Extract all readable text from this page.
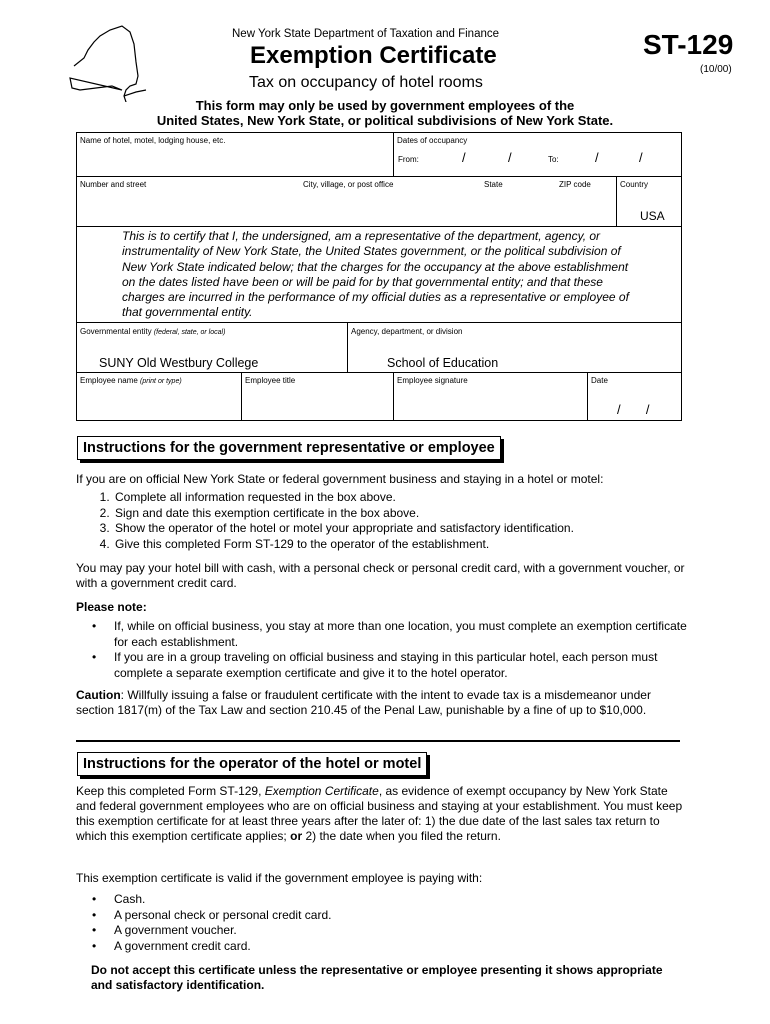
New York State Department of Taxation and Finance
Exemption Certificate
Tax on occupancy of hotel rooms
ST-129
(10/00)
This form may only be used by government employees of the
United States, New York State, or political subdivisions of New York State.
Name of hotel, motel, lodging house, etc.	Dates of occupancy
From:	/	/	To:	/	/
Number and street	City, village, or post office	State	ZIP code	Country
USA
This is to certify that I, the undersigned, am a representative of the department, agency, or instrumentality of New York State, the United States government, or the political subdivision of New York State indicated below; that the charges for the occupancy at the above establishment on the dates listed have been or will be paid for by that governmental entity; and that these charges are incurred in the performance of my official duties as a representative or employee of that governmental entity.
Governmental entity (federal, state, or local)
SUNY Old Westbury College
Agency, department, or division
School of Education
Employee name (print or type)	Employee title	Employee signature	Date
/       /
Instructions for the government representative or employee
If you are on official New York State or federal government business and staying in a hotel or motel:
1. Complete all information requested in the box above.
2. Sign and date this exemption certificate in the box above.
3. Show the operator of the hotel or motel your appropriate and satisfactory identification.
4. Give this completed Form ST-129 to the operator of the establishment.
You may pay your hotel bill with cash, with a personal check or personal credit card, with a government voucher, or with a government credit card.
Please note:
• If, while on official business, you stay at more than one location, you must complete an exemption certificate for each establishment.
• If you are in a group traveling on official business and staying in this particular hotel, each person must complete a separate exemption certificate and give it to the hotel operator.
Caution: Willfully issuing a false or fraudulent certificate with the intent to evade tax is a misdemeanor under section 1817(m) of the Tax Law and section 210.45 of the Penal Law, punishable by a fine of up to $10,000.
Instructions for the operator of the hotel or motel
Keep this completed Form ST-129, Exemption Certificate, as evidence of exempt occupancy by New York State and federal government employees who are on official business and staying at your establishment. You must keep this exemption certificate for at least three years after the later of: 1) the due date of the last sales tax return to which this exemption certificate applies; or 2) the date when you filed the return.
This exemption certificate is valid if the government employee is paying with:
• Cash.
• A personal check or personal credit card.
• A government voucher.
• A government credit card.
Do not accept this certificate unless the representative or employee presenting it shows appropriate and satisfactory identification.
